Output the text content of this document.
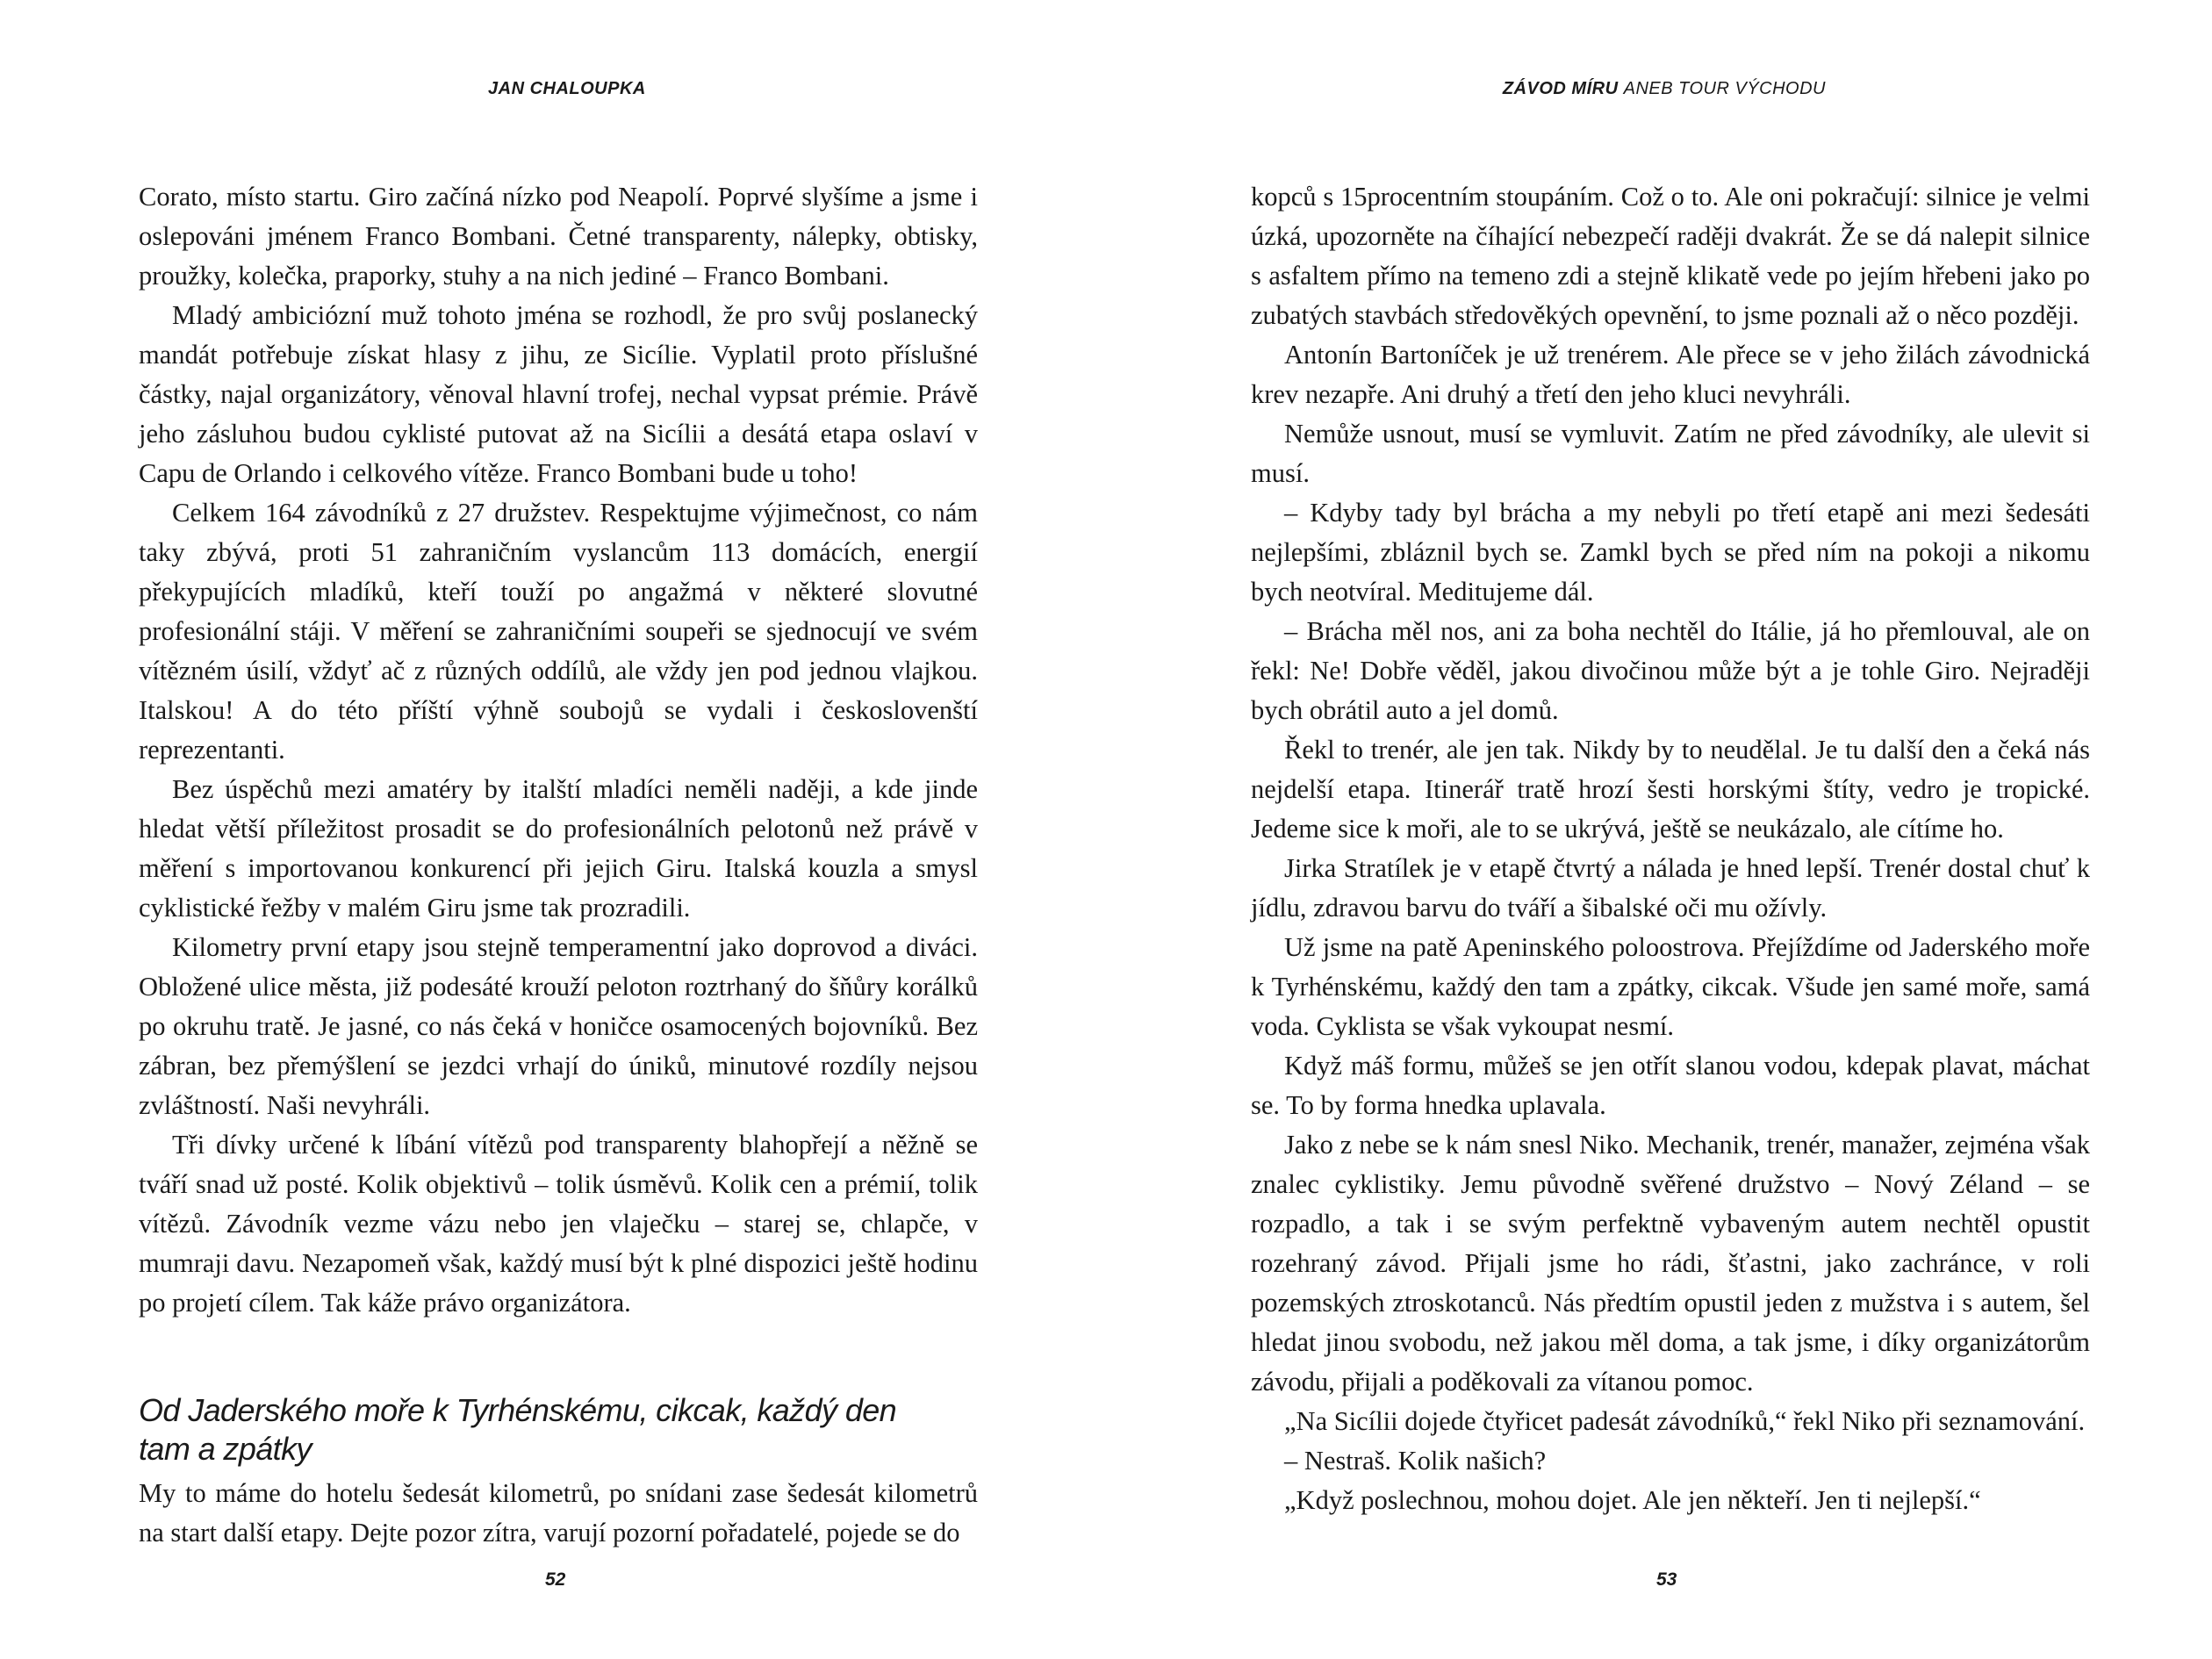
JAN CHALOUPKA

Corato, místo startu. Giro začíná nízko pod Neapolí. Poprvé slyšíme a jsme i oslepováni jménem Franco Bombani. Četné transparenty, nálepky, obtisky, proužky, kolečka, praporky, stuhy a na nich jediné – Franco Bombani.

Mladý ambiciózní muž tohoto jména se rozhodl, že pro svůj poslanecký mandát potřebuje získat hlasy z jihu, ze Sicílie. Vyplatil proto příslušné částky, najal organizátory, věnoval hlavní trofej, nechal vypsat prémie. Právě jeho zásluhou budou cyklisté putovat až na Sicílii a desátá etapa oslaví v Capu de Orlando i celkového vítěze. Franco Bombani bude u toho!

Celkem 164 závodníků z 27 družstev. Respektujme výjimečnost, co nám taky zbývá, proti 51 zahraničním vyslancům 113 domácích, energií překypujících mladíků, kteří touží po angažmá v některé slovutné profesionální stáji. V měření se zahraničními soupeři se sjednocují ve svém vítězném úsilí, vždyť ač z různých oddílů, ale vždy jen pod jednou vlajkou. Italskou! A do této příští výhně soubojů se vydali i českoslovenští reprezentanti.

Bez úspěchů mezi amatéry by italští mladíci neměli naději, a kde jinde hledat větší příležitost prosadit se do profesionálních pelotonů než právě v měření s importovanou konkurencí při jejich Giru. Italská kouzla a smysl cyklistické řežby v malém Giru jsme tak prozradili.

Kilometry první etapy jsou stejně temperamentní jako doprovod a diváci. Obložené ulice města, již podesáté krouží peloton roztrhaný do šňůry korálků po okruhu tratě. Je jasné, co nás čeká v honičce osamocených bojovníků. Bez zábran, bez přemýšlení se jezdci vrhají do úniků, minutové rozdíly nejsou zvláštností. Naši nevyhráli.

Tři dívky určené k líbání vítězů pod transparenty blahopřejí a něžně se tváří snad už posté. Kolik objektivů – tolik úsměvů. Kolik cen a prémií, tolik vítězů. Závodník vezme vázu nebo jen vlaječku – starej se, chlapče, v mumraji davu. Nezapomeň však, každý musí být k plné dispozici ještě hodinu po projetí cílem. Tak káže právo organizátora.

Od Jaderského moře k Tyrhénskému, cikcak, každý den tam a zpátky

My to máme do hotelu šedesát kilometrů, po snídani zase šedesát kilometrů na start další etapy. Dejte pozor zítra, varují pozorní pořadatelé, pojede se do

52
ZÁVOD MÍRU ANEB TOUR VÝCHODU

kopců s 15procentním stoupáním. Což o to. Ale oni pokračují: silnice je velmi úzká, upozorněte na číhající nebezpečí raději dvakrát. Že se dá nalepit silnice s asfaltem přímo na temeno zdi a stejně klikatě vede po jejím hřebeni jako po zubatých stavbách středověkých opevnění, to jsme poznali až o něco později.

Antonín Bartoníček je už trenérem. Ale přece se v jeho žilách závodnická krev nezapře. Ani druhý a třetí den jeho kluci nevyhráli.

Nemůže usnout, musí se vymluvit. Zatím ne před závodníky, ale ulevit si musí.

– Kdyby tady byl brácha a my nebyli po třetí etapě ani mezi šedesáti nejlepšími, zbláznil bych se. Zamkl bych se před ním na pokoji a nikomu bych neotvíral. Meditujeme dál.

– Brácha měl nos, ani za boha nechtěl do Itálie, já ho přemlouval, ale on řekl: Ne! Dobře věděl, jakou divočinou může být a je tohle Giro. Nejraději bych obrátil auto a jel domů.

Řekl to trenér, ale jen tak. Nikdy by to neudělal. Je tu další den a čeká nás nejdelší etapa. Itinerář tratě hrozí šesti horskými štíty, vedro je tropické. Jedeme sice k moři, ale to se ukrývá, ještě se neukázalo, ale cítíme ho.

Jirka Stratílek je v etapě čtvrtý a nálada je hned lepší. Trenér dostal chuť k jídlu, zdravou barvu do tváří a šibalské oči mu ožívly.

Už jsme na patě Apeninského poloostrova. Přejíždíme od Jaderského moře k Tyrhénskému, každý den tam a zpátky, cikcak. Všude jen samé moře, samá voda. Cyklista se však vykoupat nesmí.

Když máš formu, můžeš se jen otřít slanou vodou, kdepak plavat, máchat se. To by forma hnedka uplavala.

Jako z nebe se k nám snesl Niko. Mechanik, trenér, manažer, zejména však znalec cyklistiky. Jemu původně svěřené družstvo – Nový Zéland – se rozpadlo, a tak i se svým perfektně vybaveným autem nechtěl opustit rozehraný závod. Přijali jsme ho rádi, šťastni, jako zachránce, v roli pozemských ztroskotanců. Nás předtím opustil jeden z mužstva i s autem, šel hledat jinou svobodu, než jakou měl doma, a tak jsme, i díky organizátorům závodu, přijali a poděkovali za vítanou pomoc.

„Na Sicílii dojede čtyřicet padesát závodníků,“ řekl Niko při seznamování.

– Nestraš. Kolik našich?

„Když poslechnou, mohou dojet. Ale jen někteří. Jen ti nejlepší.“

53
